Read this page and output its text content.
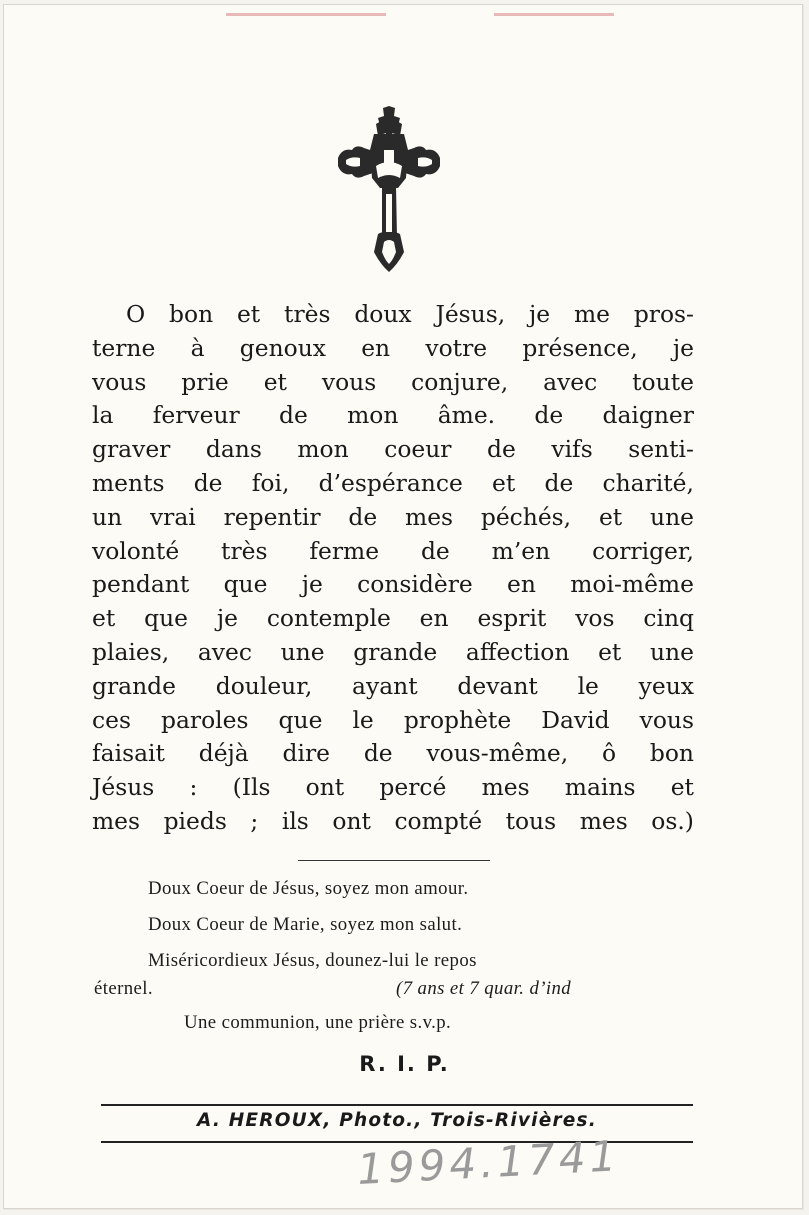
O bon et très doux Jésus, je me pros-
terne à genoux en votre présence, je
vous prie et vous conjure, avec toute
la ferveur de mon âme. de daigner
graver dans mon coeur de vifs senti-
ments de foi, d’espérance et de charité,
un vrai repentir de mes péchés, et une
volonté très ferme de m’en corriger,
pendant que je considère en moi-même
et que je contemple en esprit vos cinq
plaies, avec une grande affection et une
grande douleur, ayant devant le yeux
ces paroles que le prophète David vous
faisait déjà dire de vous-même, ô bon
Jésus : (Ils ont percé mes mains et
mes pieds ; ils ont compté tous mes os.)
Doux Coeur de Jésus, soyez mon amour.
Doux Coeur de Marie, soyez mon salut.
Miséricordieux Jésus, dounez-lui le repos
éternel.	(7 ans et 7 quar. d’ind
Une communion, une prière s.v.p.
R. I. P.
A. HEROUX, Photo., Trois-Rivières.
1994.1741
